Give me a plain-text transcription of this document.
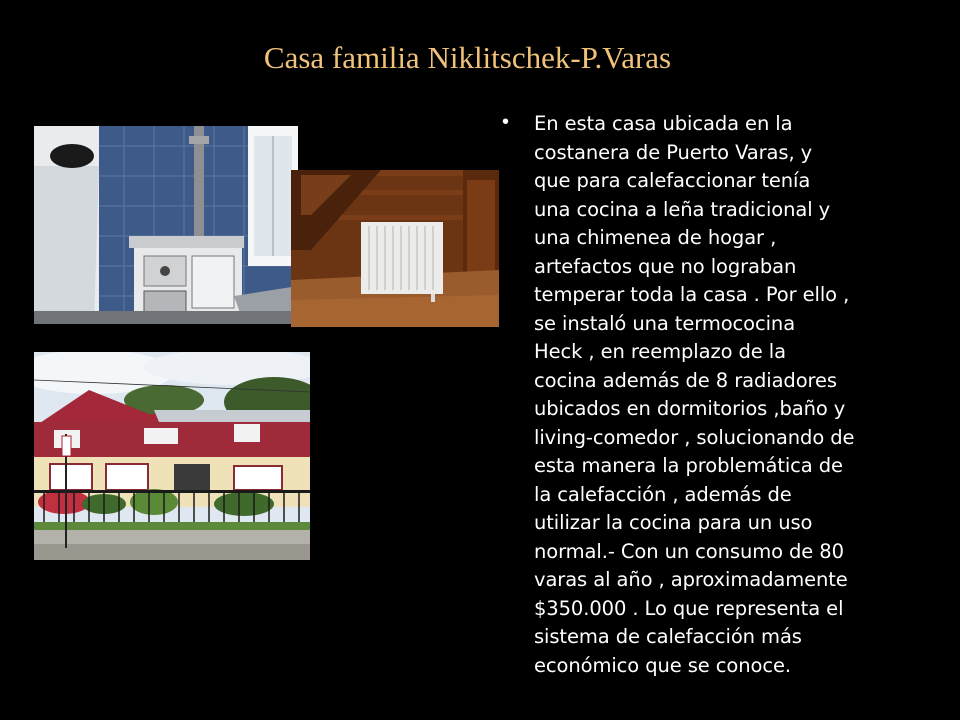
Casa familia Niklitschek-P.Varas
• En esta casa ubicada en la
costanera de Puerto Varas, y
que para calefaccionar tenía
una cocina a leña tradicional y
una chimenea de hogar ,
artefactos que no lograban
temperar toda la casa . Por ello ,
se instaló una termococina
Heck , en reemplazo de la
cocina además de 8 radiadores
ubicados en dormitorios ,baño y
living-comedor , solucionando de
esta manera la problemática de
la calefacción , además de
utilizar la cocina para un uso
normal.- Con un consumo de 80
varas al año , aproximadamente
$350.000 . Lo que representa el
sistema de calefacción más
económico que se conoce.
